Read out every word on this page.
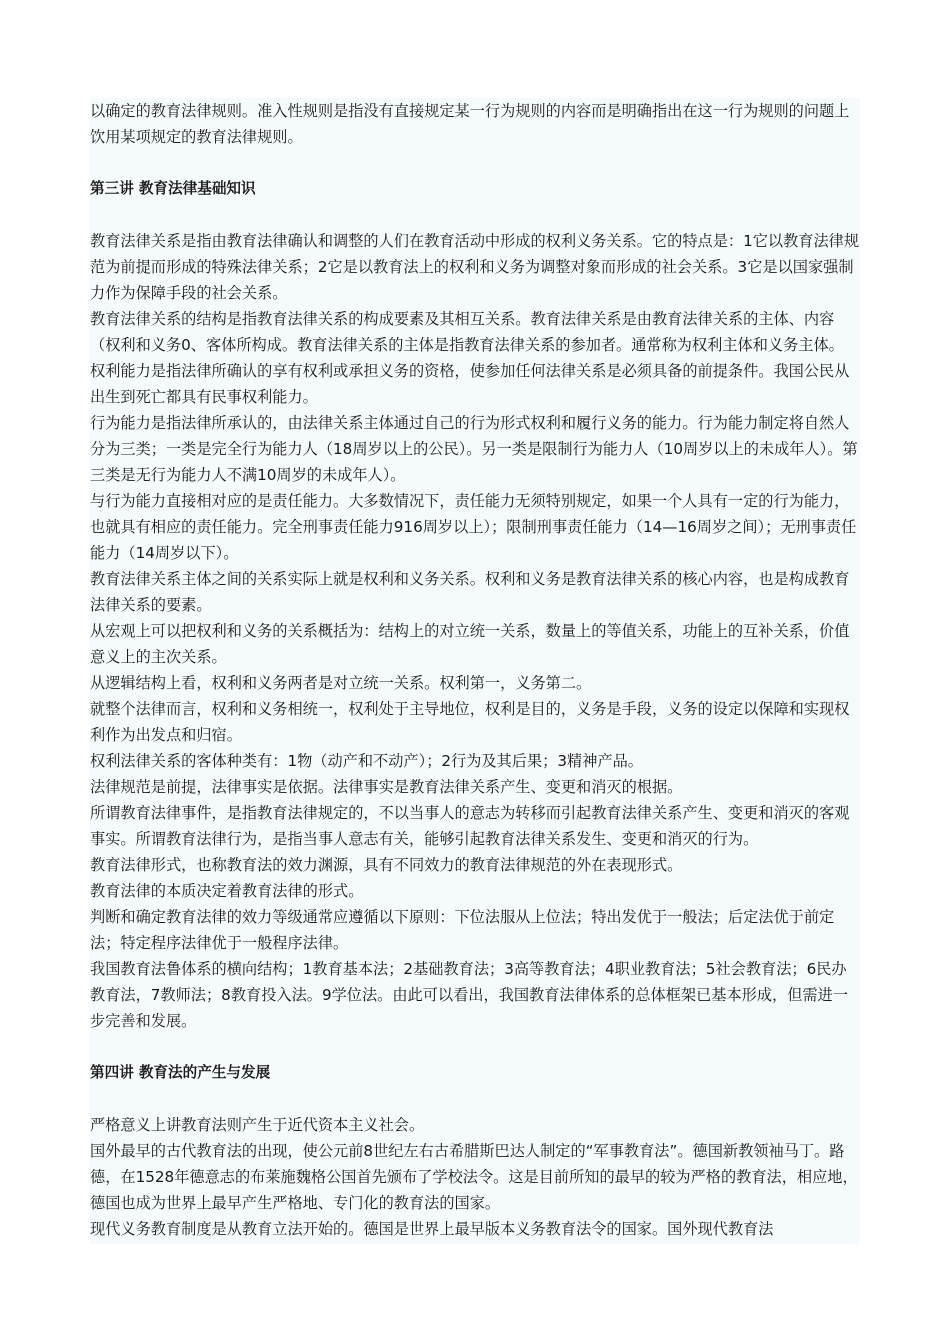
以确定的教育法律规则。准入性规则是指没有直接规定某一行为规则的内容而是明确指出在这一行为规则的问题上饮用某项规定的教育法律规则。

第三讲 教育法律基础知识

教育法律关系是指由教育法律确认和调整的人们在教育活动中形成的权利义务关系。它的特点是：1它以教育法律规范为前提而形成的特殊法律关系；2它是以教育法上的权利和义务为调整对象而形成的社会关系。3它是以国家强制力作为保障手段的社会关系。

教育法律关系的结构是指教育法律关系的构成要素及其相互关系。教育法律关系是由教育法律关系的主体、内容（权利和义务0、客体所构成。教育法律关系的主体是指教育法律关系的参加者。通常称为权利主体和义务主体。

权利能力是指法律所确认的享有权利或承担义务的资格，使参加任何法律关系是必须具备的前提条件。我国公民从出生到死亡都具有民事权利能力。

行为能力是指法律所承认的，由法律关系主体通过自己的行为形式权利和履行义务的能力。行为能力制定将自然人分为三类；一类是完全行为能力人（18周岁以上的公民）。另一类是限制行为能力人（10周岁以上的未成年人）。第三类是无行为能力人不满10周岁的未成年人）。

与行为能力直接相对应的是责任能力。大多数情况下，责任能力无须特别规定，如果一个人具有一定的行为能力，也就具有相应的责任能力。完全刑事责任能力916周岁以上）；限制刑事责任能力（14—16周岁之间）；无刑事责任能力（14周岁以下）。

教育法律关系主体之间的关系实际上就是权利和义务关系。权利和义务是教育法律关系的核心内容，也是构成教育法律关系的要素。

从宏观上可以把权利和义务的关系概括为：结构上的对立统一关系，数量上的等值关系，功能上的互补关系，价值意义上的主次关系。

从逻辑结构上看，权利和义务两者是对立统一关系。权利第一，义务第二。

就整个法律而言，权利和义务相统一，权利处于主导地位，权利是目的，义务是手段，义务的设定以保障和实现权利作为出发点和归宿。

权利法律关系的客体种类有：1物（动产和不动产）；2行为及其后果；3精神产品。

法律规范是前提，法律事实是依据。法律事实是教育法律关系产生、变更和消灭的根据。

所谓教育法律事件，是指教育法律规定的，不以当事人的意志为转移而引起教育法律关系产生、变更和消灭的客观事实。所谓教育法律行为，是指当事人意志有关，能够引起教育法律关系发生、变更和消灭的行为。

教育法律形式，也称教育法的效力渊源，具有不同效力的教育法律规范的外在表现形式。

教育法律的本质决定着教育法律的形式。

判断和确定教育法律的效力等级通常应遵循以下原则：下位法服从上位法；特出发优于一般法；后定法优于前定法；特定程序法律优于一般程序法律。

我国教育法鲁体系的横向结构；1教育基本法；2基础教育法；3高等教育法；4职业教育法；5社会教育法；6民办教育法，7教师法；8教育投入法。9学位法。由此可以看出，我国教育法律体系的总体框架已基本形成，但需进一步完善和发展。

第四讲 教育法的产生与发展

严格意义上讲教育法则产生于近代资本主义社会。

国外最早的古代教育法的出现，使公元前8世纪左右古希腊斯巴达人制定的“军事教育法”。德国新教领袖马丁。路德，在1528年德意志的布莱施魏格公国首先颁布了学校法令。这是目前所知的最早的较为严格的教育法，相应地，德国也成为世界上最早产生严格地、专门化的教育法的国家。

现代义务教育制度是从教育立法开始的。德国是世界上最早版本义务教育法令的国家。国外现代教育法
